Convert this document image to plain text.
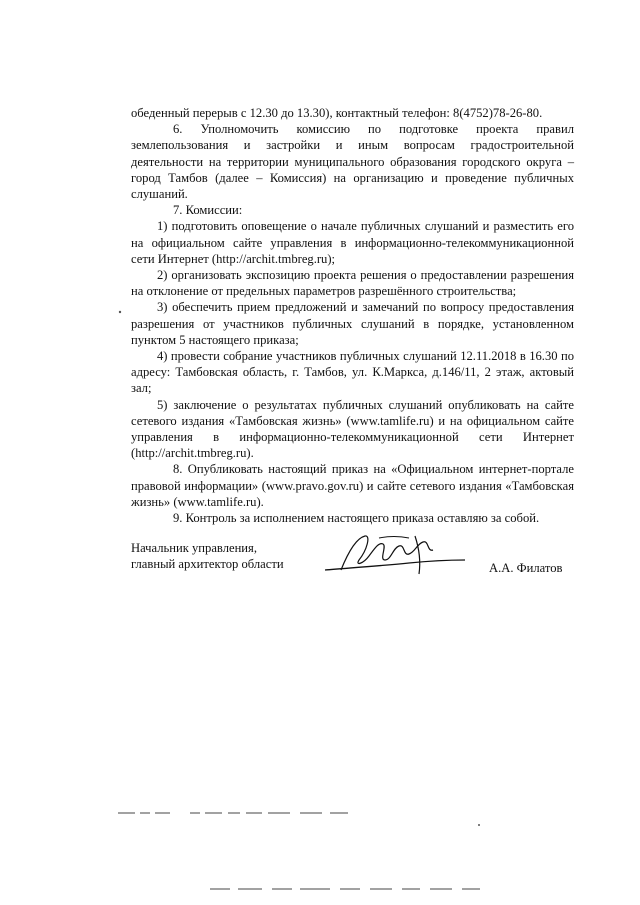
обеденный перерыв с 12.30 до 13.30), контактный телефон: 8(4752)78-26-80.

6. Уполномочить комиссию по подготовке проекта правил землепользования и застройки и иным вопросам градостроительной деятельности на территории муниципального образования городского округа – город Тамбов (далее – Комиссия) на организацию и проведение публичных слушаний.

7. Комиссии:

1) подготовить оповещение о начале публичных слушаний и разместить его на официальном сайте управления в информационно-телекоммуникационной сети Интернет (http://archit.tmbreg.ru);

2) организовать экспозицию проекта решения о предоставлении разрешения на отклонение от предельных параметров разрешённого строительства;

3) обеспечить прием предложений и замечаний по вопросу предоставления разрешения от участников публичных слушаний в порядке, установленном пунктом 5 настоящего приказа;

4) провести собрание участников публичных слушаний 12.11.2018 в 16.30 по адресу: Тамбовская область, г. Тамбов, ул. К.Маркса, д.146/11, 2 этаж, актовый зал;

5) заключение о результатах публичных слушаний опубликовать на сайте сетевого издания «Тамбовская жизнь» (www.tamlife.ru) и на официальном сайте управления в информационно-телекоммуникационной сети Интернет (http://archit.tmbreg.ru).

8. Опубликовать настоящий приказ на «Официальном интернет-портале правовой информации» (www.pravo.gov.ru) и сайте сетевого издания «Тамбовская жизнь» (www.tamlife.ru).

9. Контроль за исполнением настоящего приказа оставляю за собой.

Начальник управления,
главный архитектор области	А.А. Филатов
